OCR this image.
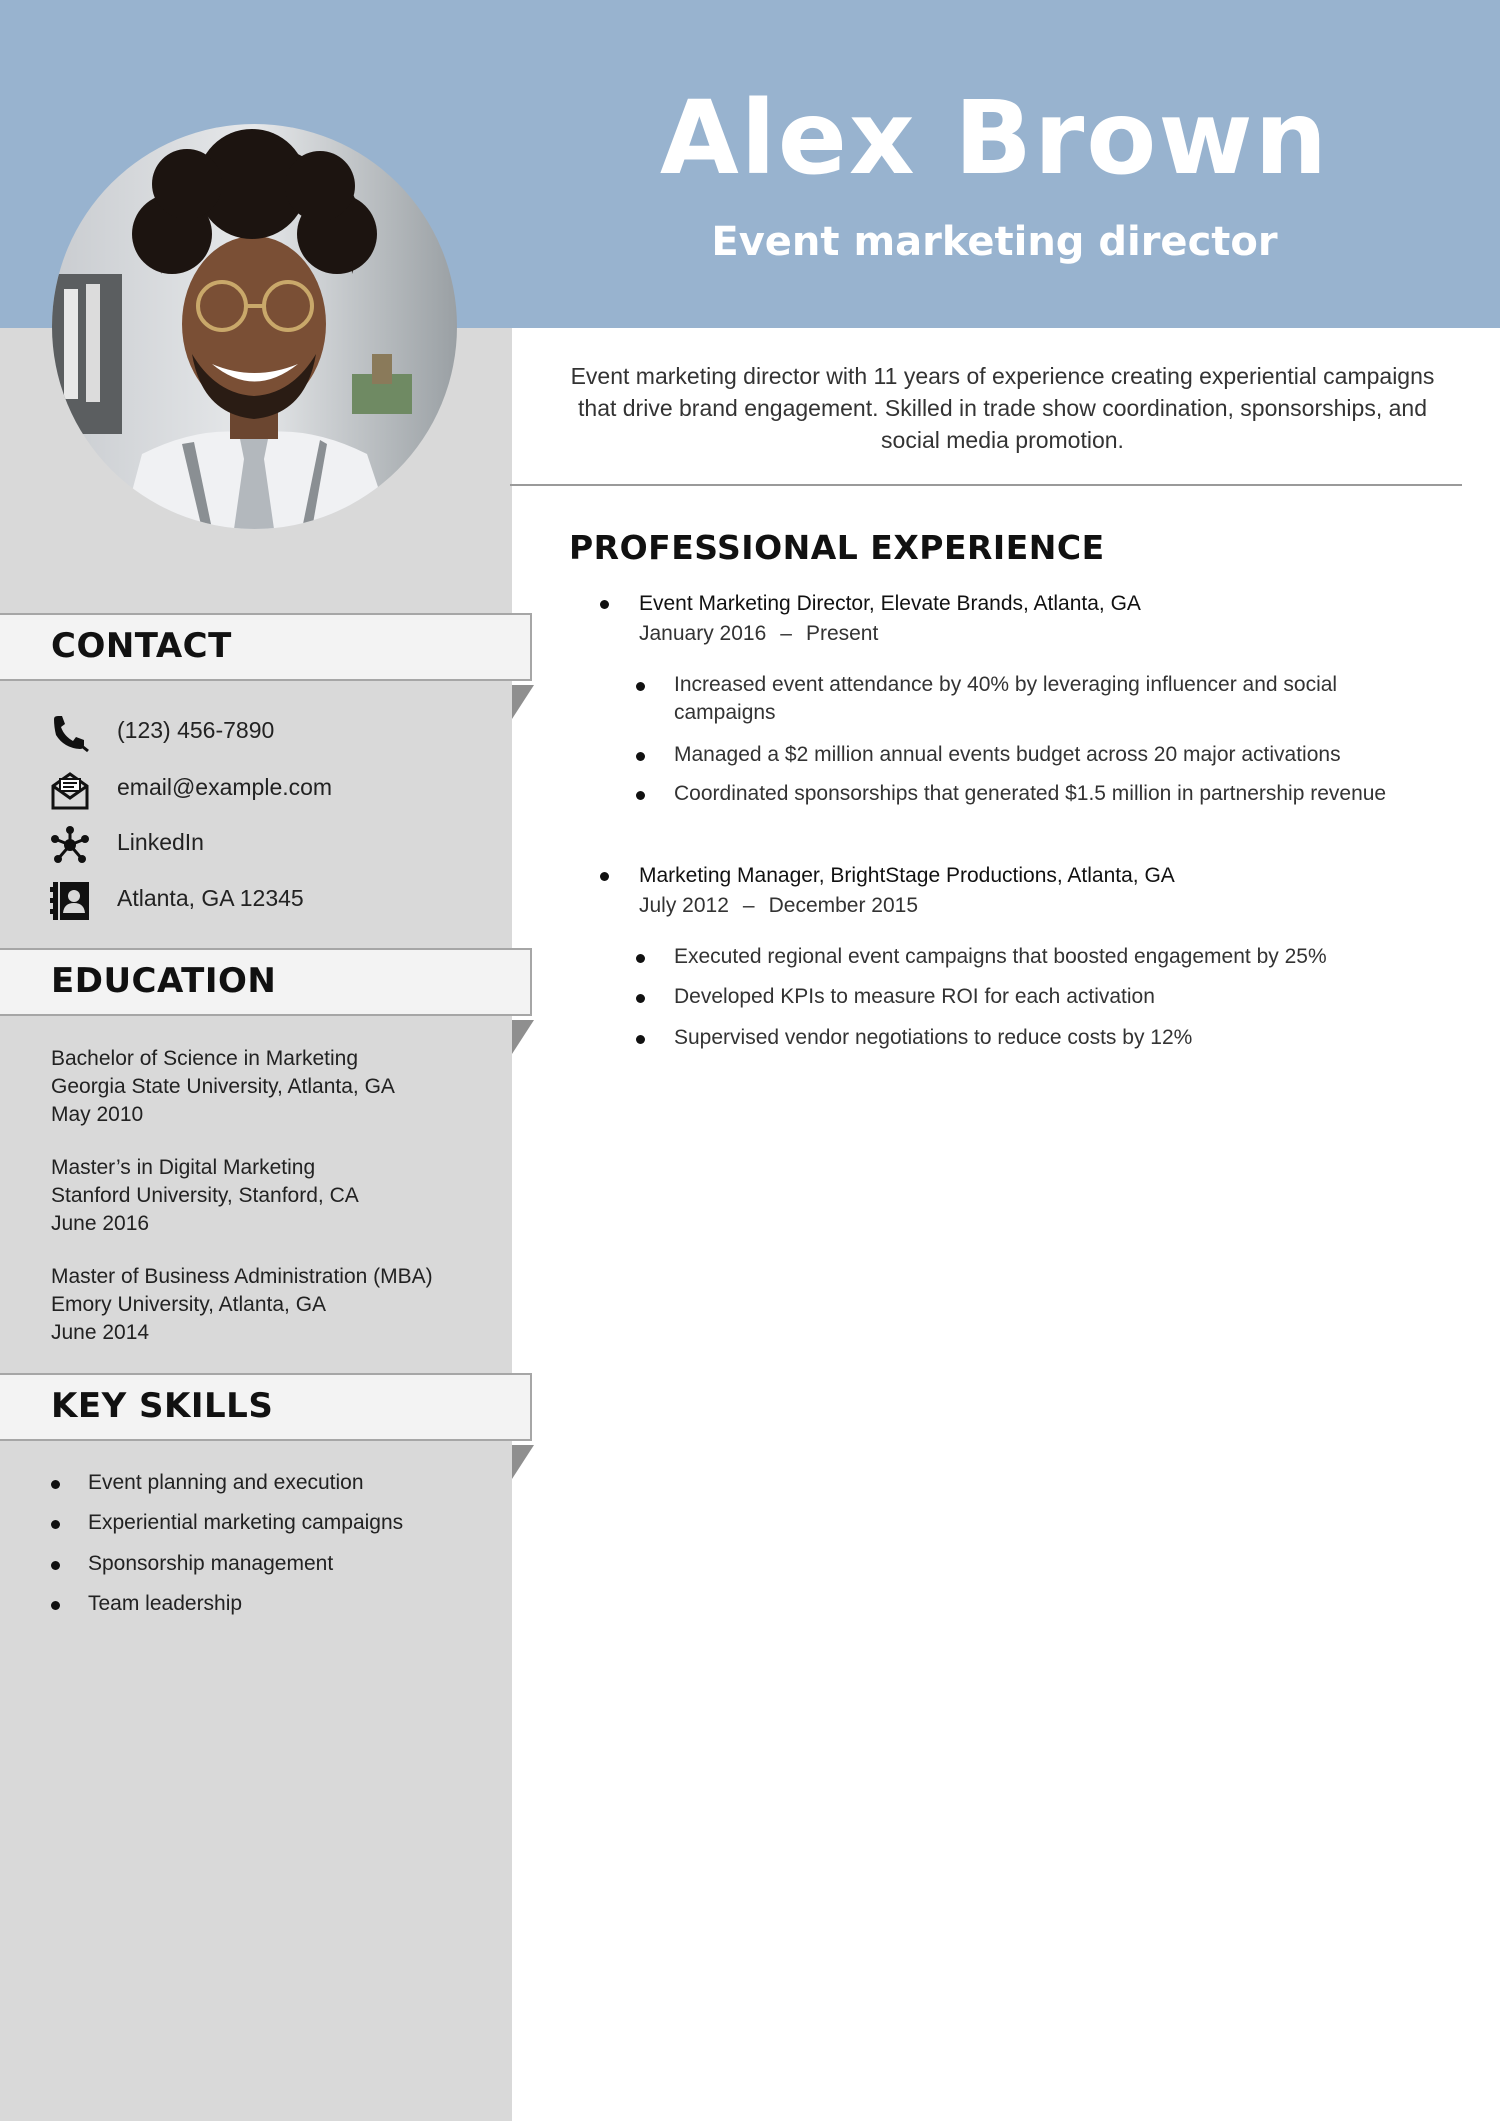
Alex Brown
Event marketing director
Event marketing director with 11 years of experience creating experiential campaigns that drive brand engagement. Skilled in trade show coordination, sponsorships, and social media promotion.
CONTACT
(123) 456-7890
email@example.com
LinkedIn
Atlanta, GA 12345
EDUCATION
Bachelor of Science in Marketing
Georgia State University, Atlanta, GA
May 2010
Master’s in Digital Marketing
Stanford University, Stanford, CA
June 2016
Master of Business Administration (MBA)
Emory University, Atlanta, GA
June 2014
KEY SKILLS
Event planning and execution
Experiential marketing campaigns
Sponsorship management
Team leadership
PROFESSIONAL EXPERIENCE
Event Marketing Director, Elevate Brands, Atlanta, GA
January 2016 – Present
Increased event attendance by 40% by leveraging influencer and social campaigns
Managed a $2 million annual events budget across 20 major activations
Coordinated sponsorships that generated $1.5 million in partnership revenue
Marketing Manager, BrightStage Productions, Atlanta, GA
July 2012 – December 2015
Executed regional event campaigns that boosted engagement by 25%
Developed KPIs to measure ROI for each activation
Supervised vendor negotiations to reduce costs by 12%
